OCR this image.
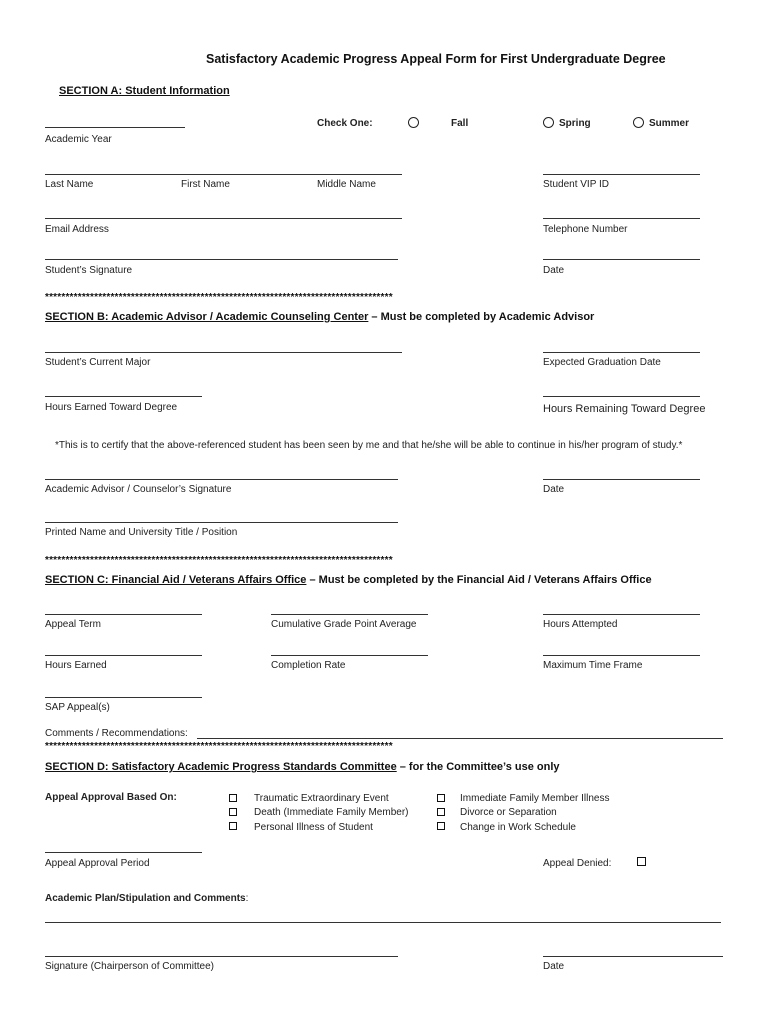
Satisfactory Academic Progress Appeal Form for First Undergraduate Degree
SECTION A: Student Information
Academic Year
Check One:	Fall	Spring	Summer
Last Name	First Name	Middle Name	Student VIP ID
Email Address	Telephone Number
Student’s Signature	Date
*************************************************************************************
SECTION B: Academic Advisor / Academic Counseling Center – Must be completed by Academic Advisor
Student’s Current Major	Expected Graduation Date
Hours Earned Toward Degree	Hours Remaining Toward Degree
*This is to certify that the above-referenced student has been seen by me and that he/she will be able to continue in his/her program of study.*
Academic Advisor / Counselor’s Signature	Date
Printed Name and University Title / Position
*************************************************************************************
SECTION C: Financial Aid / Veterans Affairs Office – Must be completed by the Financial Aid / Veterans Affairs Office
Appeal Term	Cumulative Grade Point Average	Hours Attempted
Hours Earned	Completion Rate	Maximum Time Frame
SAP Appeal(s)
Comments / Recommendations:
*************************************************************************************
SECTION D: Satisfactory Academic Progress Standards Committee – for the Committee’s use only
Appeal Approval Based On:	Traumatic Extraordinary Event
Death (Immediate Family Member)
Personal Illness of Student
Immediate Family Member Illness
Divorce or Separation
Change in Work Schedule
Appeal Approval Period	Appeal Denied:
Academic Plan/Stipulation and Comments:
Signature (Chairperson of Committee)	Date
